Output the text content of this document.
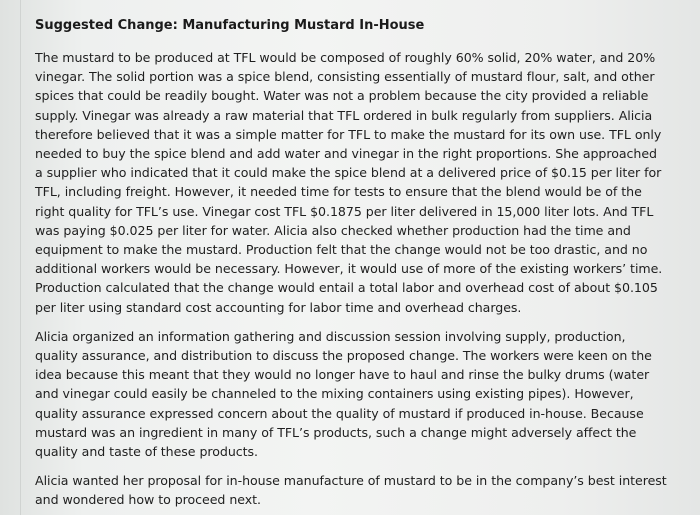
Suggested Change: Manufacturing Mustard In-House

The mustard to be produced at TFL would be composed of roughly 60% solid, 20% water, and 20% vinegar. The solid portion was a spice blend, consisting essentially of mustard flour, salt, and other spices that could be readily bought. Water was not a problem because the city provided a reliable supply. Vinegar was already a raw material that TFL ordered in bulk regularly from suppliers. Alicia therefore believed that it was a simple matter for TFL to make the mustard for its own use. TFL only needed to buy the spice blend and add water and vinegar in the right proportions. She approached a supplier who indicated that it could make the spice blend at a delivered price of $0.15 per liter for TFL, including freight. However, it needed time for tests to ensure that the blend would be of the right quality for TFL’s use. Vinegar cost TFL $0.1875 per liter delivered in 15,000 liter lots. And TFL was paying $0.025 per liter for water. Alicia also checked whether production had the time and equipment to make the mustard. Production felt that the change would not be too drastic, and no additional workers would be necessary. However, it would use of more of the existing workers’ time. Production calculated that the change would entail a total labor and overhead cost of about $0.105 per liter using standard cost accounting for labor time and overhead charges.

Alicia organized an information gathering and discussion session involving supply, production, quality assurance, and distribution to discuss the proposed change. The workers were keen on the idea because this meant that they would no longer have to haul and rinse the bulky drums (water and vinegar could easily be channeled to the mixing containers using existing pipes). However, quality assurance expressed concern about the quality of mustard if produced in-house. Because mustard was an ingredient in many of TFL’s products, such a change might adversely affect the quality and taste of these products.

Alicia wanted her proposal for in-house manufacture of mustard to be in the company’s best interest and wondered how to proceed next.
